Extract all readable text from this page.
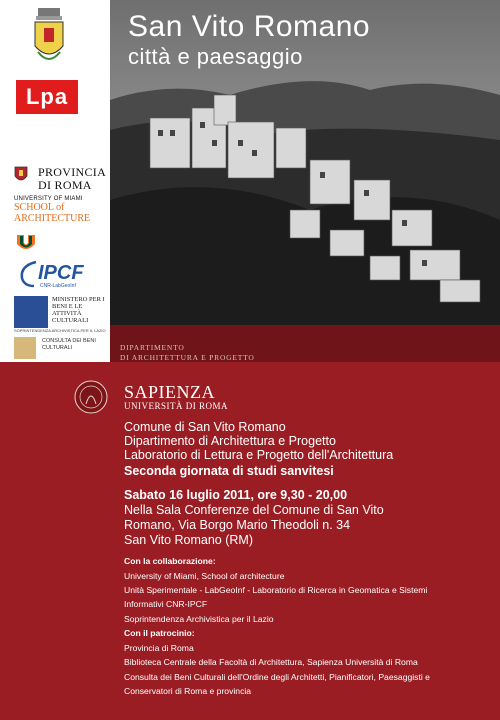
Lpa
PROVINCIA
DI ROMA
UNIVERSITY OF MIAMI
SCHOOL of
ARCHITECTURE
IPCF
CNR-LabGeoInf
MINISTERO PER I BENI E LE ATTIVITÀ CULTURALI
SOPRINTENDENZA ARCHIVISTICA PER IL LAZIO
CONSULTA DEI BENI CULTURALI
San Vito Romano
città e paesaggio
DIPARTIMENTO
DI ARCHITETTURA E PROGETTO
SAPIENZA
UNIVERSITÀ DI ROMA
Comune di San Vito Romano
Dipartimento di Architettura e Progetto
Laboratorio di Lettura e Progetto dell'Architettura
Seconda giornata di studi sanvitesi
Sabato 16 luglio 2011, ore 9,30 - 20,00
Nella Sala Conferenze del Comune di San Vito
Romano, Via Borgo Mario Theodoli n. 34
San Vito Romano (RM)
Con la collaborazione:
University of Miami, School of architecture
Unità Sperimentale - LabGeoInf - Laboratorio di Ricerca in Geomatica e Sistemi
Informativi CNR-IPCF
Soprintendenza Archivistica per il Lazio
Con il patrocinio:
Provincia di Roma
Biblioteca Centrale della Facoltà di Architettura, Sapienza Università di Roma
Consulta dei Beni Culturali dell'Ordine degli Architetti, Pianificatori, Paesaggisti e
Conservatori di Roma e provincia
